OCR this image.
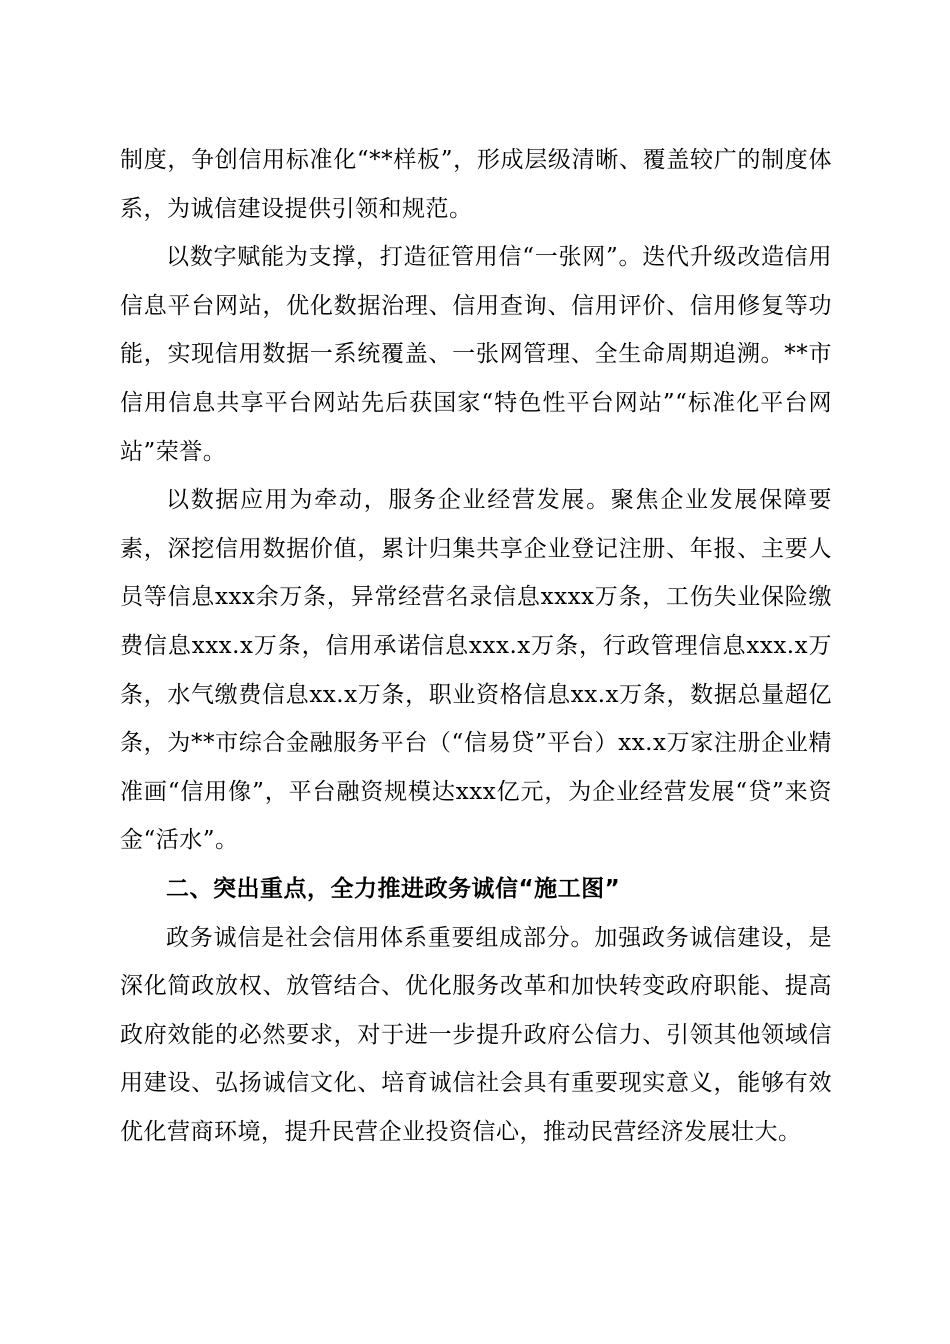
制度，争创信用标准化“**样板”，形成层级清晰、覆盖较广的制度体系，为诚信建设提供引领和规范。

以数字赋能为支撑，打造征管用信“一张网”。迭代升级改造信用信息平台网站，优化数据治理、信用查询、信用评价、信用修复等功能，实现信用数据一系统覆盖、一张网管理、全生命周期追溯。**市信用信息共享平台网站先后获国家“特色性平台网站”“标准化平台网站”荣誉。

以数据应用为牵动，服务企业经营发展。聚焦企业发展保障要素，深挖信用数据价值，累计归集共享企业登记注册、年报、主要人员等信息xxx余万条，异常经营名录信息xxxx万条，工伤失业保险缴费信息xxx.x万条，信用承诺信息xxx.x万条，行政管理信息xxx.x万条，水气缴费信息xx.x万条，职业资格信息xx.x万条，数据总量超亿条，为**市综合金融服务平台（“信易贷”平台）xx.x万家注册企业精准画“信用像”，平台融资规模达xxx亿元，为企业经营发展“贷”来资金“活水”。

二、突出重点，全力推进政务诚信“施工图”

政务诚信是社会信用体系重要组成部分。加强政务诚信建设，是深化简政放权、放管结合、优化服务改革和加快转变政府职能、提高政府效能的必然要求，对于进一步提升政府公信力、引领其他领域信用建设、弘扬诚信文化、培育诚信社会具有重要现实意义，能够有效优化营商环境，提升民营企业投资信心，推动民营经济发展壮大。
